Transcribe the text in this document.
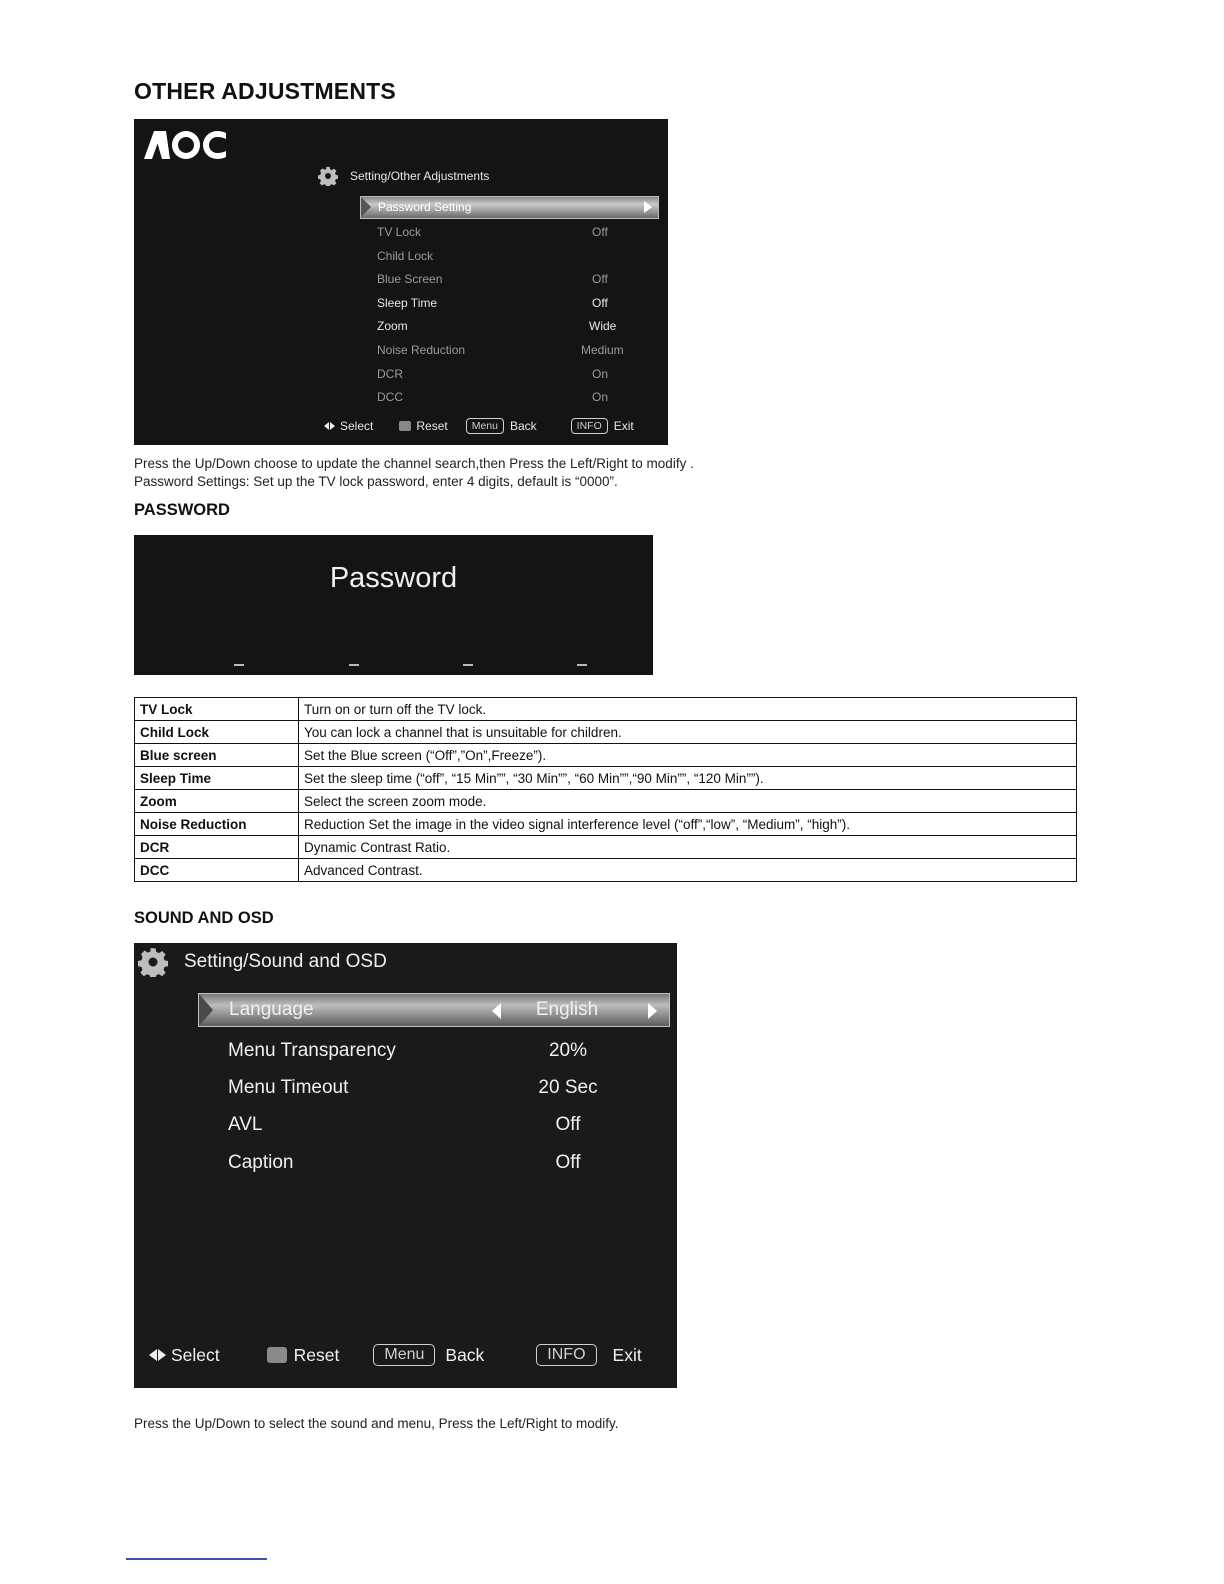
OTHER ADJUSTMENTS
Setting/Other Adjustments
Password Setting
TV Lock	Off
Child Lock
Blue Screen	Off
Sleep Time	Off
Zoom	Wide
Noise Reduction	Medium
DCR	On
DCC	On
Select	Reset	Menu	Back	INFO	Exit

Press the Up/Down choose to update the channel search,then Press the Left/Right to modify .

Password Settings: Set up the TV lock password, enter 4 digits, default is “0000”.

PASSWORD
Password
TV Lock	Turn on or turn off the TV lock.
Child Lock	You can lock a channel that is unsuitable for children.
Blue screen	Set the Blue screen (“Off”,”On”,Freeze”).
Sleep Time	Set the sleep time (“off”, “15 Min””, “30 Min””, “60 Min””,“90 Min””, “120 Min””).
Zoom	Select the screen zoom mode.
Noise Reduction	Reduction Set the image in the video signal interference level (“off”,“low”, “Medium”, “high”).
DCR	Dynamic Contrast Ratio.
DCC	Advanced Contrast.
SOUND AND OSD
Setting/Sound and OSD
Language	English
Menu Transparency	20%
Menu Timeout	20 Sec
AVL	Off
Caption	Off
Select	Reset	Menu	Back	INFO	Exit

Press the Up/Down to select the sound and menu, Press the Left/Right to modify.
